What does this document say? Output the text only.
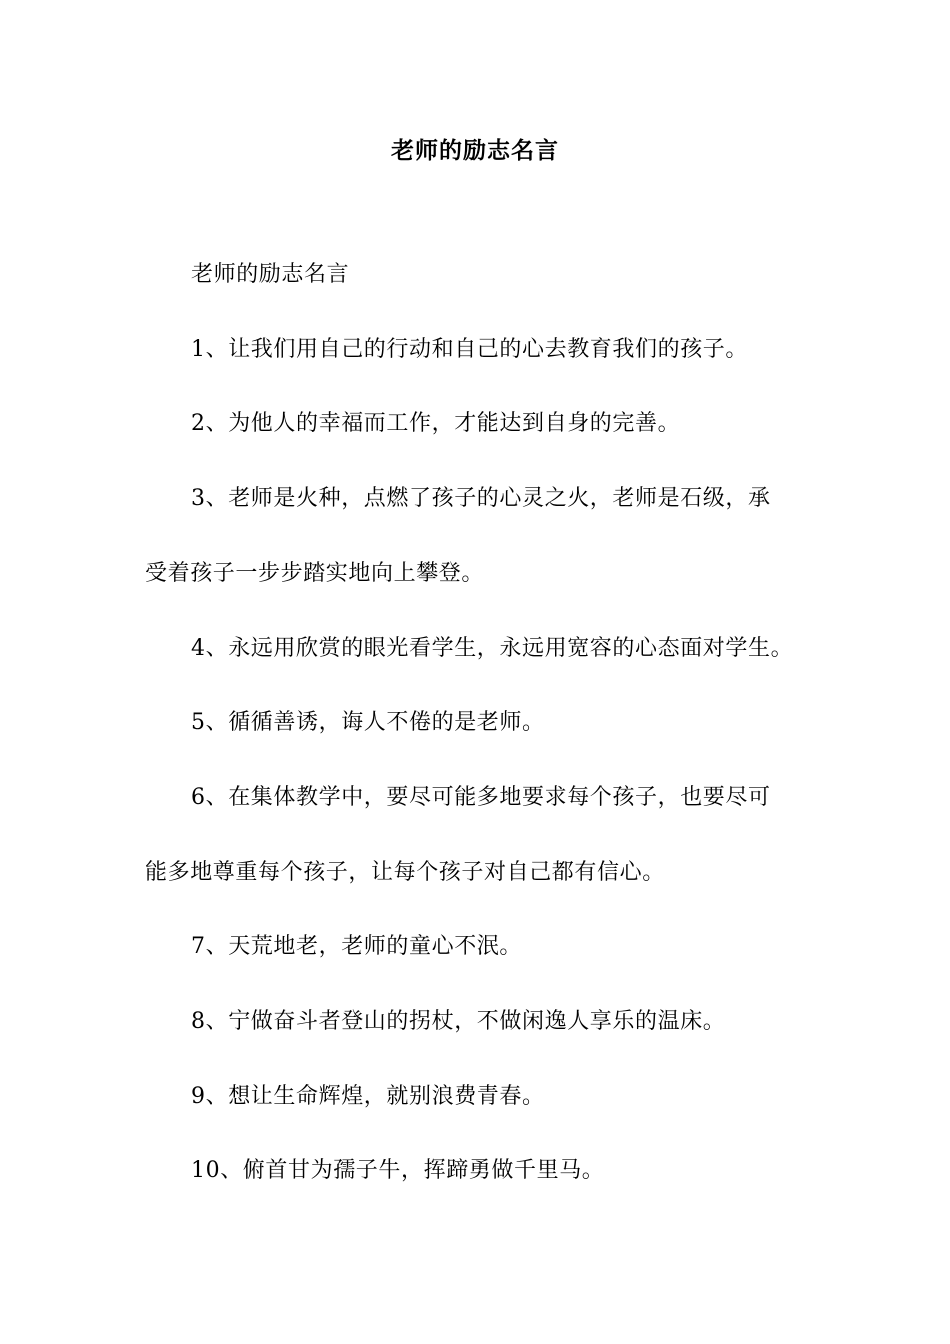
老师的励志名言
老师的励志名言
1、让我们用自己的行动和自己的心去教育我们的孩子。
2、为他人的幸福而工作，才能达到自身的完善。
3、老师是火种，点燃了孩子的心灵之火，老师是石级，承
受着孩子一步步踏实地向上攀登。
4、永远用欣赏的眼光看学生，永远用宽容的心态面对学生。
5、循循善诱，诲人不倦的是老师。
6、在集体教学中，要尽可能多地要求每个孩子，也要尽可
能多地尊重每个孩子，让每个孩子对自己都有信心。
7、天荒地老，老师的童心不泯。
8、宁做奋斗者登山的拐杖，不做闲逸人享乐的温床。
9、想让生命辉煌，就别浪费青春。
10、俯首甘为孺子牛，挥蹄勇做千里马。
